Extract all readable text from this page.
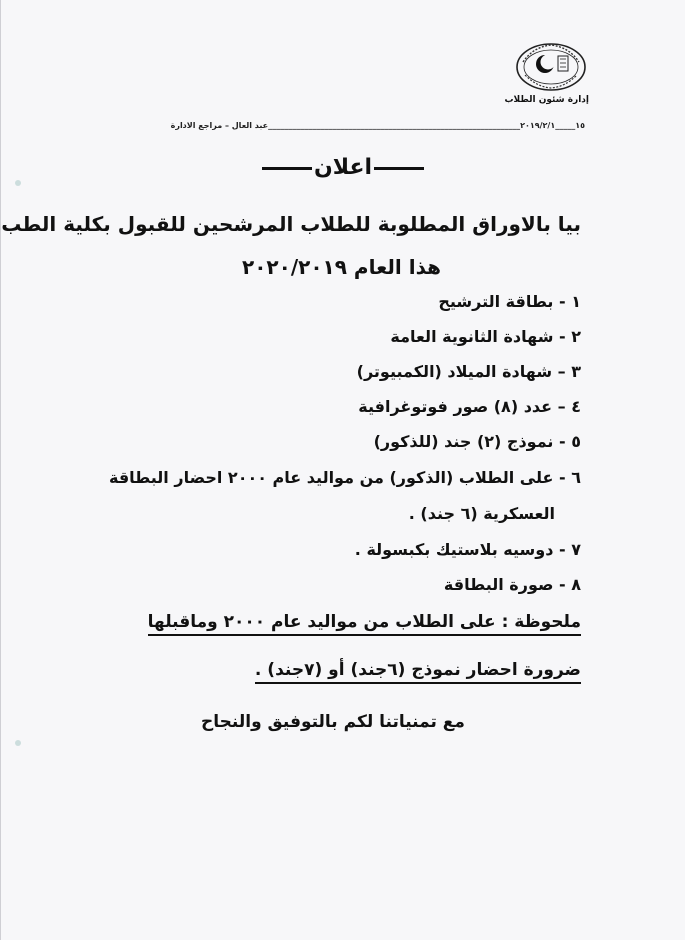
إدارة شئون الطلاب
١٥_____٢٠١٩/٢/١_______________________________________________________________عبد العال – مراجع الادارة
اعلان
بيا بالاوراق المطلوبة للطلاب المرشحين للقبول بكلية الطب
هذا العام ٢٠٢٠/٢٠١٩
١ - بطاقة الترشيح
٢ - شهادة الثانوية العامة
٣ – شهادة الميلاد (الكمبيوتر)
٤ – عدد (٨) صور فوتوغرافية
٥ - نموذج (٢) جند (للذكور)
٦ - على الطلاب (الذكور) من مواليد عام ٢٠٠٠ احضار البطاقة
العسكرية (٦ جند) .
٧ - دوسيه بلاستيك بكبسولة .
٨ - صورة البطاقة
ملحوظة : على الطلاب من مواليد عام ٢٠٠٠ وماقبلها
ضرورة احضار نموذج (٦جند) أو (٧جند) .
مع تمنياتنا لكم بالتوفيق والنجاح
